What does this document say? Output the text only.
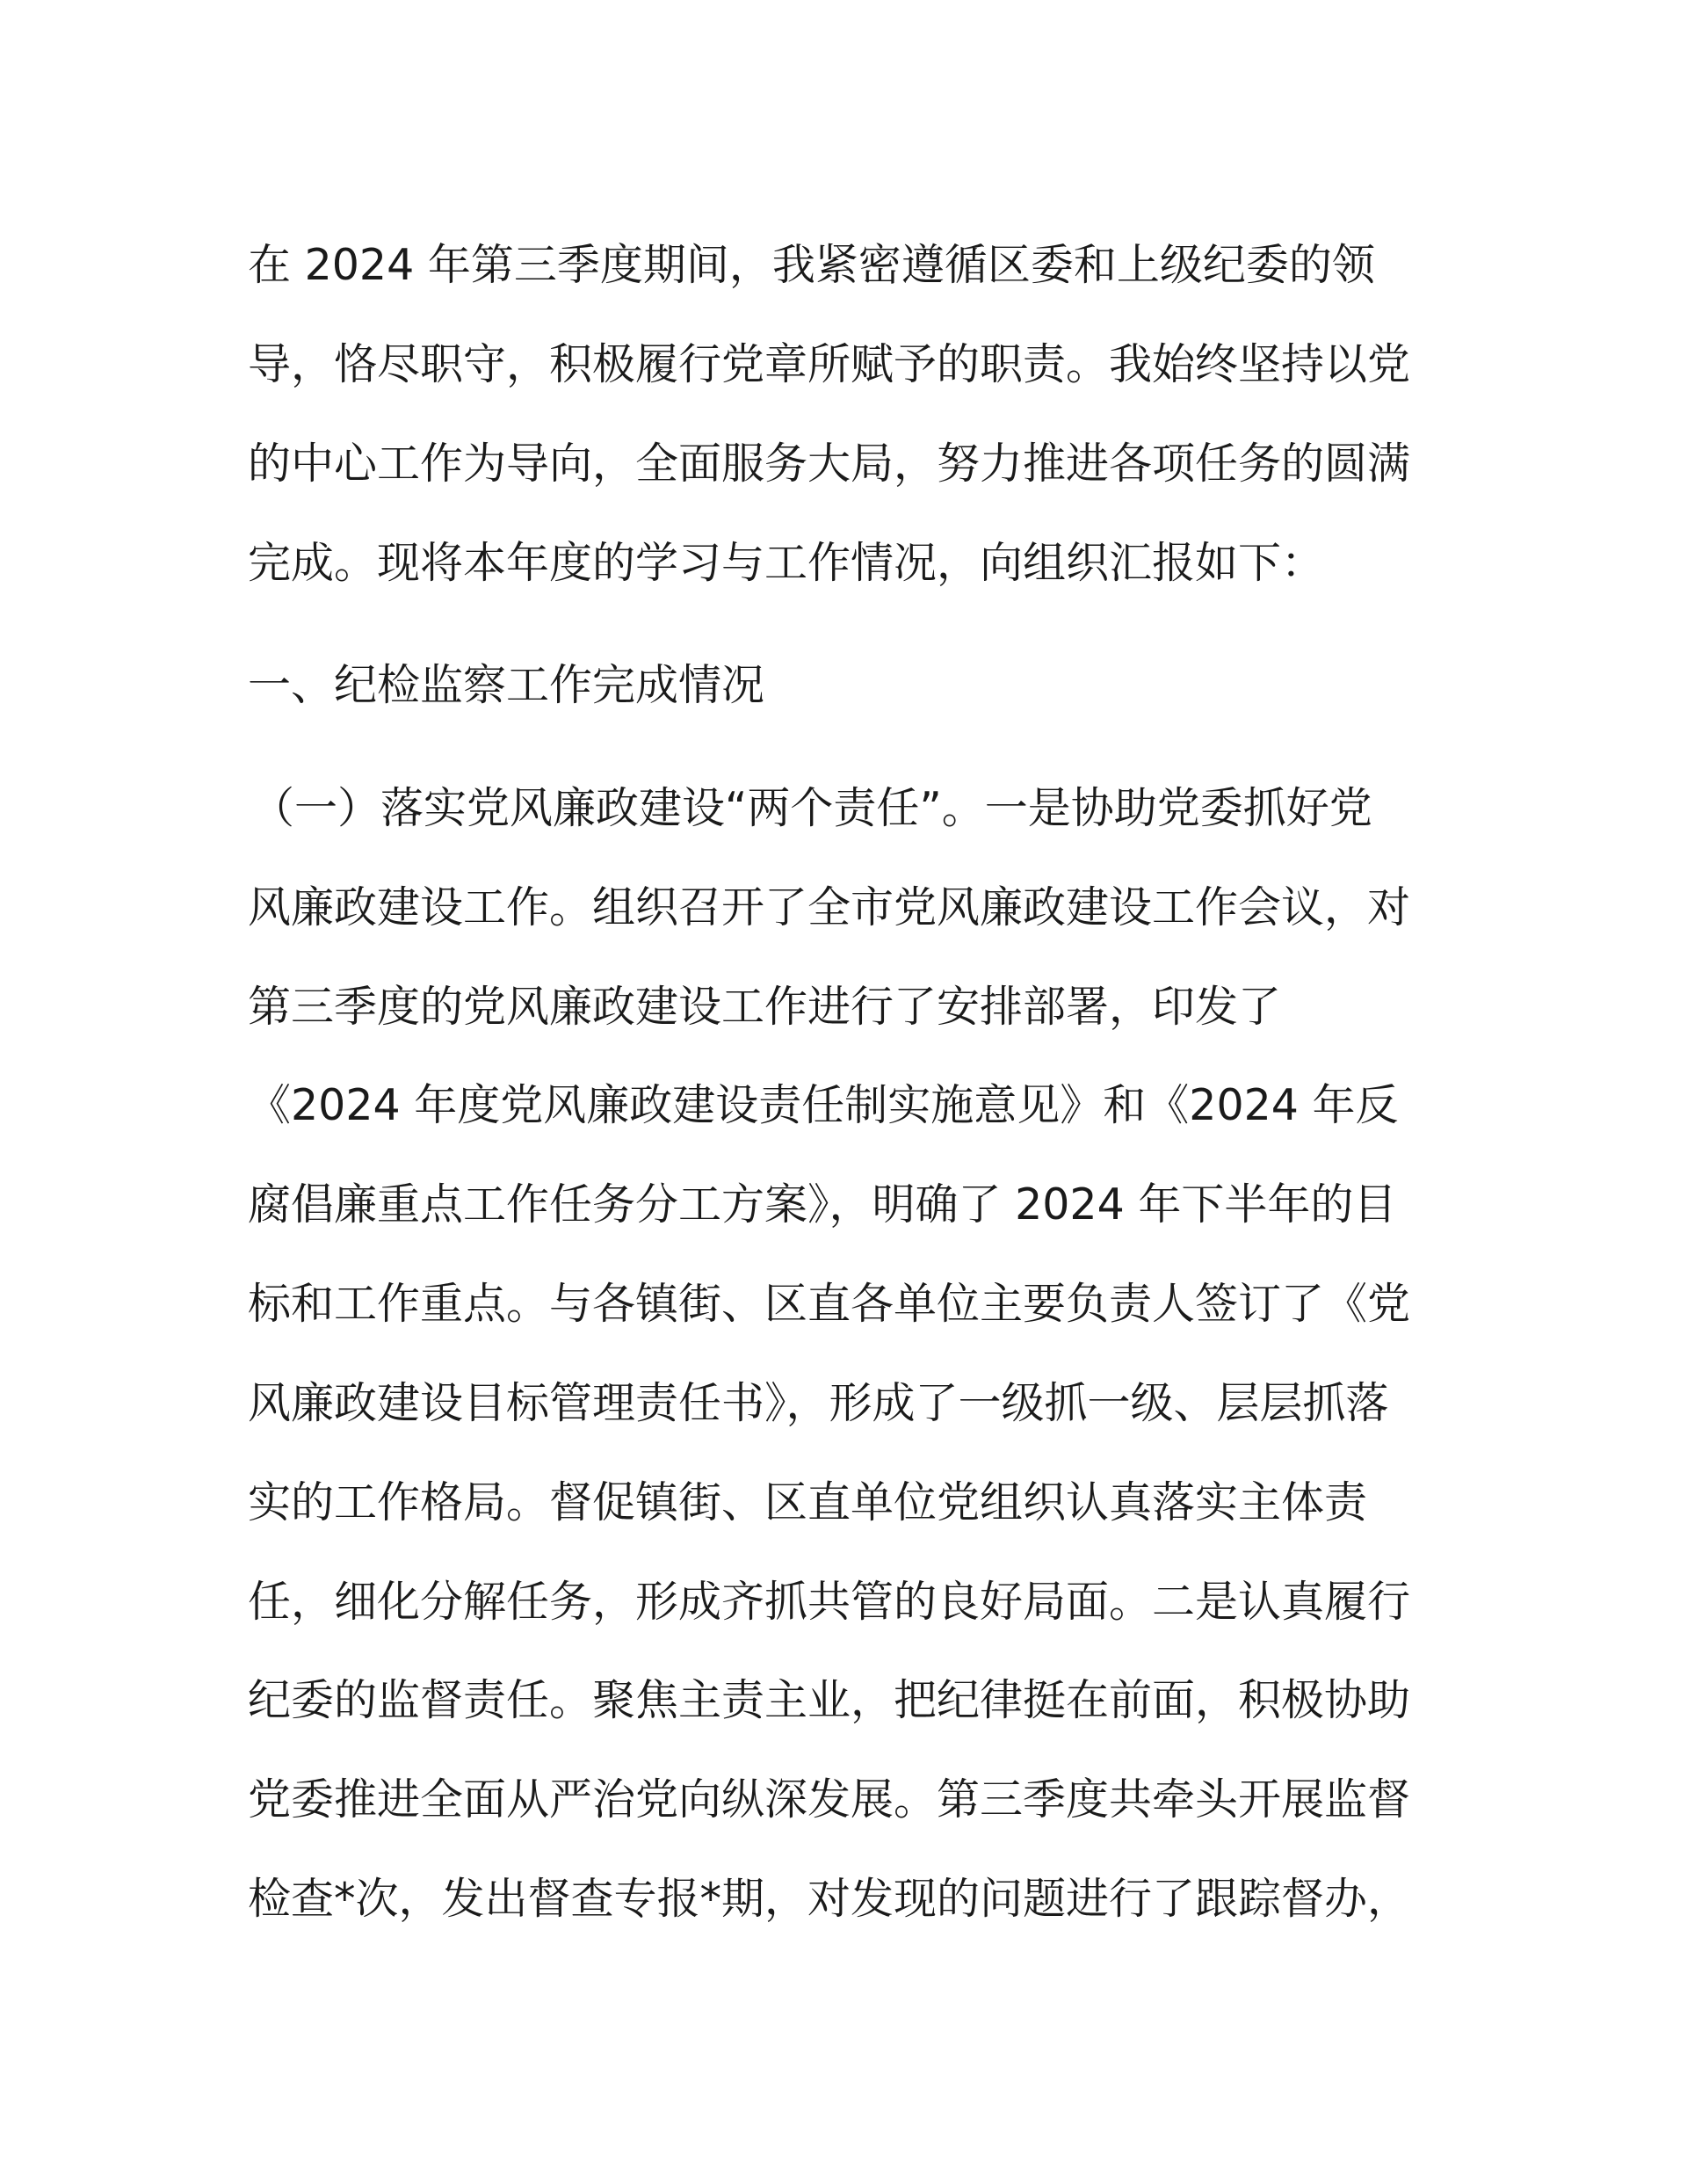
在 2024 年第三季度期间，我紧密遵循区委和上级纪委的领
导，恪尽职守，积极履行党章所赋予的职责。我始终坚持以党
的中心工作为导向，全面服务大局，努力推进各项任务的圆满
完成。现将本年度的学习与工作情况，向组织汇报如下：
一、纪检监察工作完成情况
（一）落实党风廉政建设“两个责任”。一是协助党委抓好党
风廉政建设工作。组织召开了全市党风廉政建设工作会议，对
第三季度的党风廉政建设工作进行了安排部署，印发了
《2024 年度党风廉政建设责任制实施意见》和《2024 年反
腐倡廉重点工作任务分工方案》，明确了 2024 年下半年的目
标和工作重点。与各镇街、区直各单位主要负责人签订了《党
风廉政建设目标管理责任书》，形成了一级抓一级、层层抓落
实的工作格局。督促镇街、区直单位党组织认真落实主体责
任，细化分解任务，形成齐抓共管的良好局面。二是认真履行
纪委的监督责任。聚焦主责主业，把纪律挺在前面，积极协助
党委推进全面从严治党向纵深发展。第三季度共牵头开展监督
检查*次，发出督查专报*期，对发现的问题进行了跟踪督办，
